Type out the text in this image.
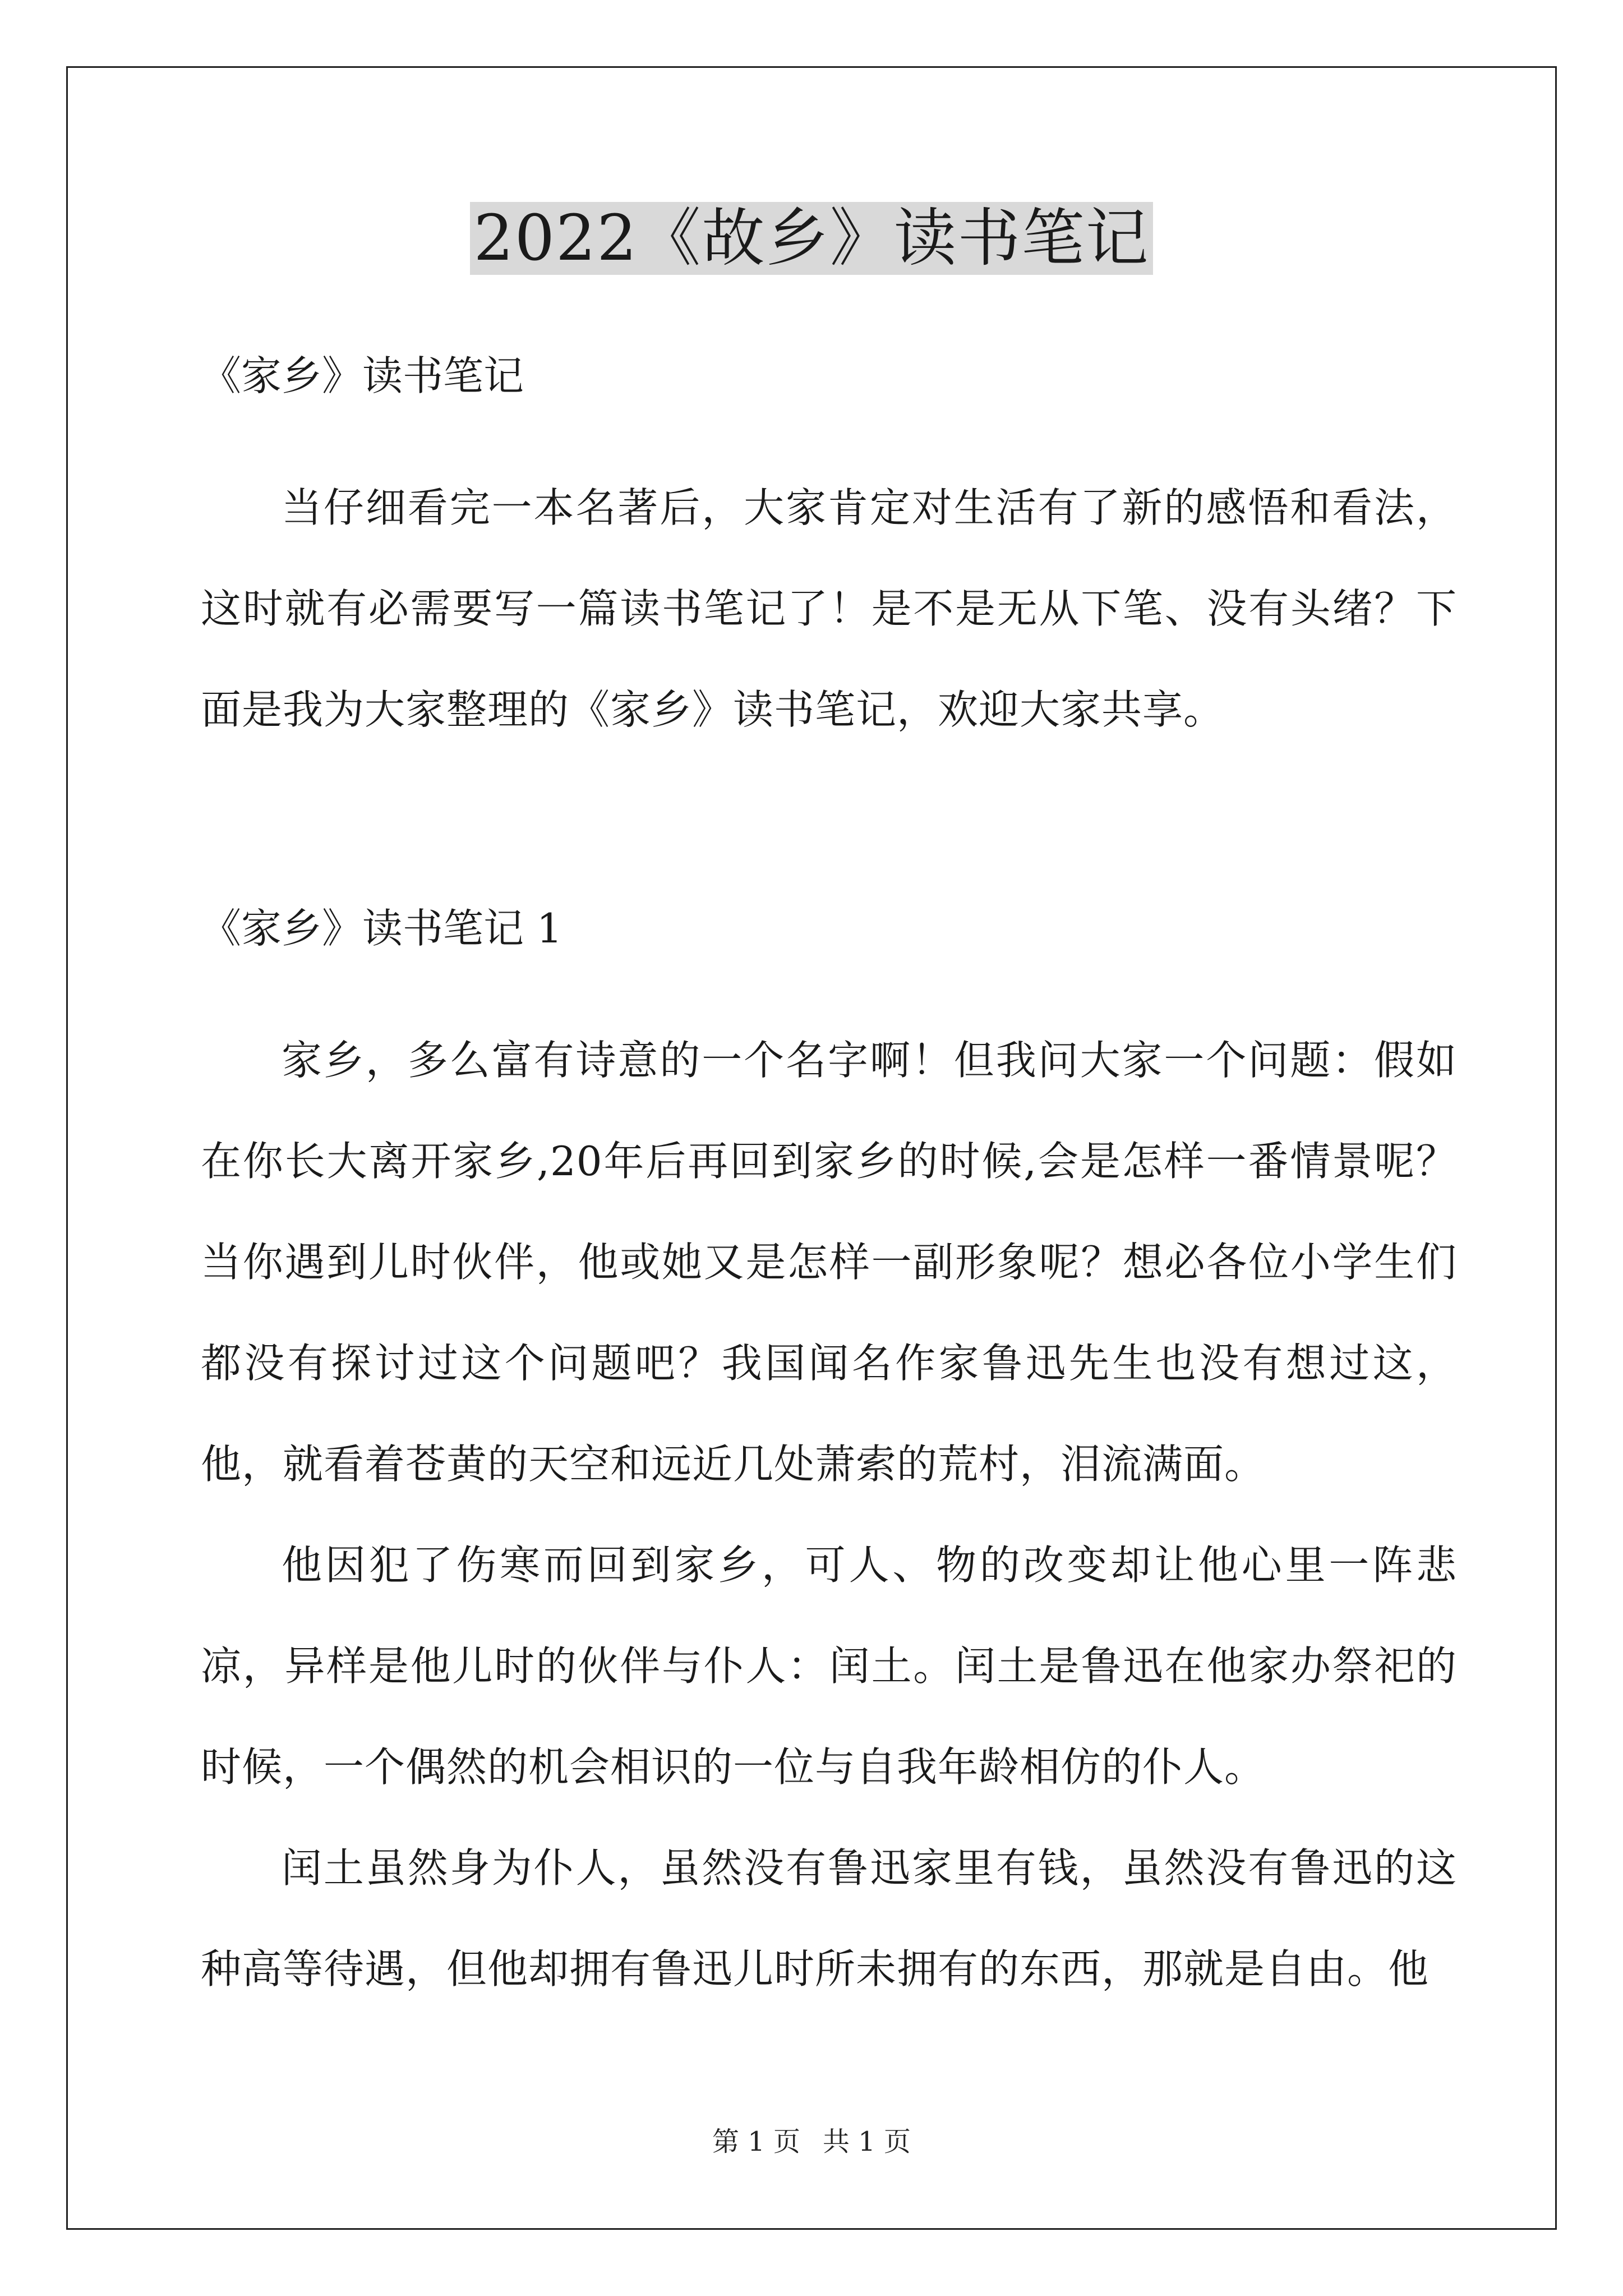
2022《故乡》读书笔记

《家乡》读书笔记

当仔细看完一本名著后，大家肯定对生活有了新的感悟和看法，这时就有必需要写一篇读书笔记了！是不是无从下笔、没有头绪？下面是我为大家整理的《家乡》读书笔记，欢迎大家共享。

《家乡》读书笔记 1

家乡，多么富有诗意的一个名字啊！但我问大家一个问题：假如在你长大离开家乡,20年后再回到家乡的时候,会是怎样一番情景呢？当你遇到儿时伙伴，他或她又是怎样一副形象呢？想必各位小学生们都没有探讨过这个问题吧？我国闻名作家鲁迅先生也没有想过这，他，就看着苍黄的天空和远近几处萧索的荒村，泪流满面。

他因犯了伤寒而回到家乡，可人、物的改变却让他心里一阵悲凉，异样是他儿时的伙伴与仆人：闰土。闰土是鲁迅在他家办祭祀的时候，一个偶然的机会相识的一位与自我年龄相仿的仆人。

闰土虽然身为仆人，虽然没有鲁迅家里有钱，虽然没有鲁迅的这种高等待遇，但他却拥有鲁迅儿时所未拥有的东西，那就是自由。他

第 1 页 共 1 页
